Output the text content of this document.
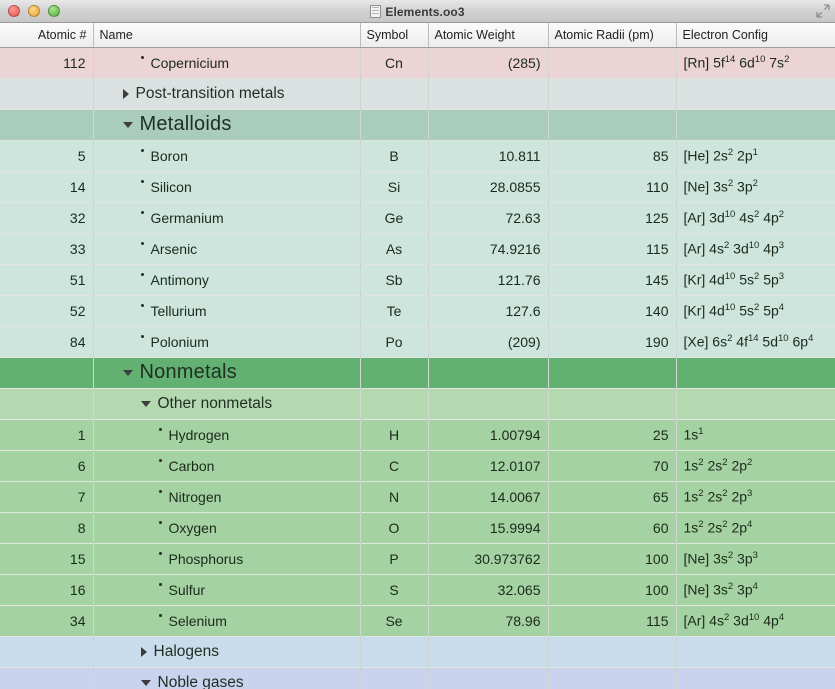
Elements.oo3
Atomic #	Name	Symbol	Atomic Weight	Atomic Radii (pm)	Electron Config
112	Copernicium	Cn	(285)		[Rn] $5f^{14}$ $6d^{10}$ $7s^2$

	Post-transition metals				

	Metalloids				

5	Boron	B	10.811	85	[He] $2s^2$ $2p^1$
14	Silicon	Si	28.0855	110	[Ne] $3s^2$ $3p^2$
32	Germanium	Ge	72.63	125	[Ar] $3d^{10}$ $4s^2$ $4p^2$
33	Arsenic	As	74.9216	115	[Ar] $4s^2$ $3d^{10}$ $4p^3$
51	Antimony	Sb	121.76	145	[Kr] $4d^{10}$ $5s^2$ $5p^3$
52	Tellurium	Te	127.6	140	[Kr] $4d^{10}$ $5s^2$ $5p^4$
84	Polonium	Po	(209)	190	[Xe] $6s^2$ $4f^{14}$ $5d^{10}$ $6p^4$

	Nonmetals				

	Other nonmetals				

1	Hydrogen	H	1.00794	25	$1s^1$
6	Carbon	C	12.0107	70	$1s^2$ $2s^2$ $2p^2$
7	Nitrogen	N	14.0067	65	$1s^2$ $2s^2$ $2p^3$
8	Oxygen	O	15.9994	60	$1s^2$ $2s^2$ $2p^4$
15	Phosphorus	P	30.973762	100	[Ne] $3s^2$ $3p^3$
16	Sulfur	S	32.065	100	[Ne] $3s^2$ $3p^4$
34	Selenium	Se	78.96	115	[Ar] $4s^2$ $3d^{10}$ $4p^4$

	Halogens				

	Noble gases				
